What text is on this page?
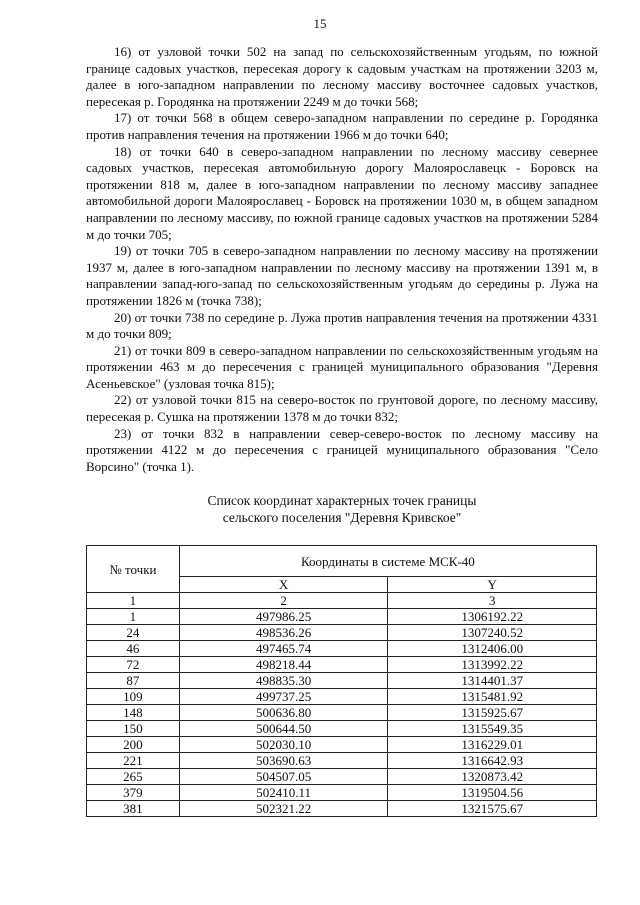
15

16) от узловой точки 502 на запад по сельскохозяйственным угодьям, по южной границе садовых участков, пересекая дорогу к садовым участкам на протяжении 3203 м, далее в юго-западном направлении по лесному массиву восточнее садовых участков, пересекая р. Городянка на протяжении 2249 м до точки 568;

17) от точки 568 в общем северо-западном направлении по середине р. Городянка против направления течения на протяжении 1966 м до точки 640;

18) от точки 640 в северо-западном направлении по лесному массиву севернее садовых участков, пересекая автомобильную дорогу Малоярославецк - Боровск на протяжении 818 м, далее в юго-западном направлении по лесному массиву западнее автомобильной дороги Малоярославец - Боровск на протяжении 1030 м, в общем западном направлении по лесному массиву, по южной границе садовых участков на протяжении 5284 м до точки 705;

19) от точки 705 в северо-западном направлении по лесному массиву на протяжении 1937 м, далее в юго-западном направлении по лесному массиву на протяжении 1391 м, в направлении запад-юго-запад по сельскохозяйственным угодьям до середины р. Лужа на протяжении 1826 м (точка 738);

20) от точки 738 по середине р. Лужа против направления течения на протяжении 4331 м до точки 809;

21) от точки 809 в северо-западном направлении по сельскохозяйственным угодьям на протяжении 463 м до пересечения с границей муниципального образования "Деревня Асеньевское" (узловая точка 815);

22) от узловой точки 815 на северо-восток по грунтовой дороге, по лесному массиву, пересекая р. Сушка на протяжении 1378 м до точки 832;

23) от точки 832 в направлении север-северо-восток по лесному массиву на протяжении 4122 м до пересечения с границей муниципального образования "Село Ворсино" (точка 1).

Список координат характерных точек границы
сельского поселения "Деревня Кривское"
№ точки	Координаты в системе МСК-40	
	X	Y
1	2	3
1	497986.25	1306192.22
24	498536.26	1307240.52
46	497465.74	1312406.00
72	498218.44	1313992.22
87	498835.30	1314401.37
109	499737.25	1315481.92
148	500636.80	1315925.67
150	500644.50	1315549.35
200	502030.10	1316229.01
221	503690.63	1316642.93
265	504507.05	1320873.42
379	502410.11	1319504.56
381	502321.22	1321575.67
